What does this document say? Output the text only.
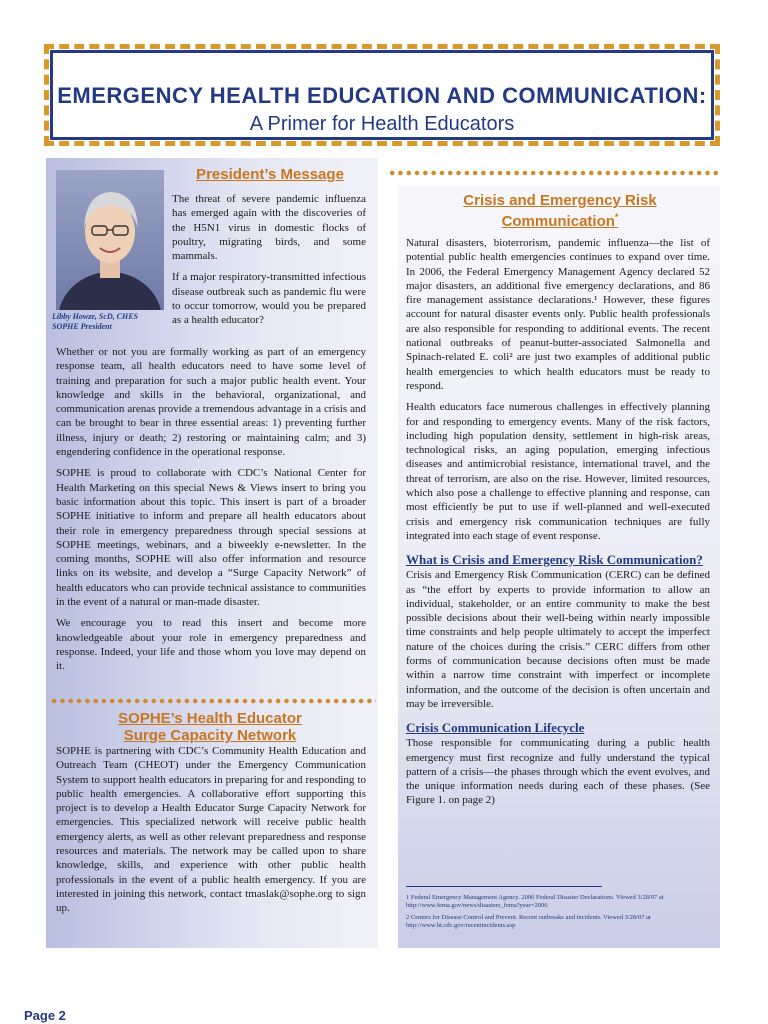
EMERGENCY HEALTH EDUCATION AND COMMUNICATION:
A Primer for Health Educators
Libby Howze, ScD, CHES
SOPHE President
President’s Message

The threat of severe pandemic influenza has emerged again with the discoveries of the H5N1 virus in domestic flocks of poultry, migrating birds, and some mammals.

If a major respiratory-transmitted infectious disease outbreak such as pandemic flu were to occur tomorrow, would you be prepared as a health educator?

Whether or not you are formally working as part of an emergency response team, all health educators need to have some level of training and preparation for such a major public health event. Your knowledge and skills in the behavioral, organizational, and communication arenas provide a tremendous advantage in a crisis and can be brought to bear in three essential areas: 1) preventing further illness, injury or death; 2) restoring or maintaining calm; and 3) engendering confidence in the operational response.

SOPHE is proud to collaborate with CDC’s National Center for Health Marketing on this special News & Views insert to bring you basic information about this topic. This insert is part of a broader SOPHE initiative to inform and prepare all health educators about their role in emergency preparedness through special sessions at SOPHE meetings, webinars, and a biweekly e-newsletter. In the coming months, SOPHE will also offer information and resource links on its website, and develop a “Surge Capacity Network” of health educators who can provide technical assistance to communities in the event of a natural or man-made disaster.

We encourage you to read this insert and become more knowledgeable about your role in emergency preparedness and response. Indeed, your life and those whom you love may depend on it.

SOPHE’s Health Educator
Surge Capacity Network

SOPHE is partnering with CDC’s Community Health Education and Outreach Team (CHEOT) under the Emergency Communication System to support health educators in preparing for and responding to public health emergencies. A collaborative effort supporting this project is to develop a Health Educator Surge Capacity Network for emergencies. This specialized network will receive public health emergency alerts, as well as other relevant preparedness and response resources and materials. The network may be called upon to share knowledge, skills, and experience with other public health professionals in the event of a public health emergency. If you are interested in joining this network, contact tmaslak@sophe.org to sign up.

Crisis and Emergency Risk
Communication*

Natural disasters, bioterrorism, pandemic influenza—the list of potential public health emergencies continues to expand over time. In 2006, the Federal Emergency Management Agency declared 52 major disasters, an additional five emergency declarations, and 86 fire management assistance declarations.¹ However, these figures account for natural disaster events only. Public health professionals are also responsible for responding to additional events. The recent national outbreaks of peanut-butter-associated Salmonella and Spinach-related E. coli² are just two examples of additional public health emergencies to which health educators must be ready to respond.

Health educators face numerous challenges in effectively planning for and responding to emergency events. Many of the risk factors, including high population density, settlement in high-risk areas, technological risks, an aging population, emerging infectious diseases and antimicrobial resistance, international travel, and the threat of terrorism, are also on the rise. However, limited resources, which also pose a challenge to effective planning and response, can most efficiently be put to use if well-planned and well-executed crisis and emergency risk communication techniques are fully integrated into each stage of event response.

What is Crisis and Emergency Risk Communication?

Crisis and Emergency Risk Communication (CERC) can be defined as “the effort by experts to provide information to allow an individual, stakeholder, or an entire community to make the best possible decisions about their well-being within nearly impossible time constraints and help people ultimately to accept the imperfect nature of the choices during the crisis.” CERC differs from other forms of communication because decisions often must be made within a narrow time constraint with imperfect or incomplete information, and the outcome of the decision is often uncertain and may be irreversible.

Crisis Communication Lifecycle

Those responsible for communicating during a public health emergency must first recognize and fully understand the typical pattern of a crisis—the phases through which the event evolves, and the unique information needs during each of these phases. (See Figure 1. on page 2)

1 Federal Emergency Management Agency. 2006 Federal Disaster Declarations. Viewed 3/28/07 at http://www.fema.gov/news/disasters_fema?year=2006
2 Centers for Disease Control and Prevent. Recent outbreaks and incidents. Viewed 3/28/07 at http://www.bt.cdc.gov/recentincidents.asp
Page 2
